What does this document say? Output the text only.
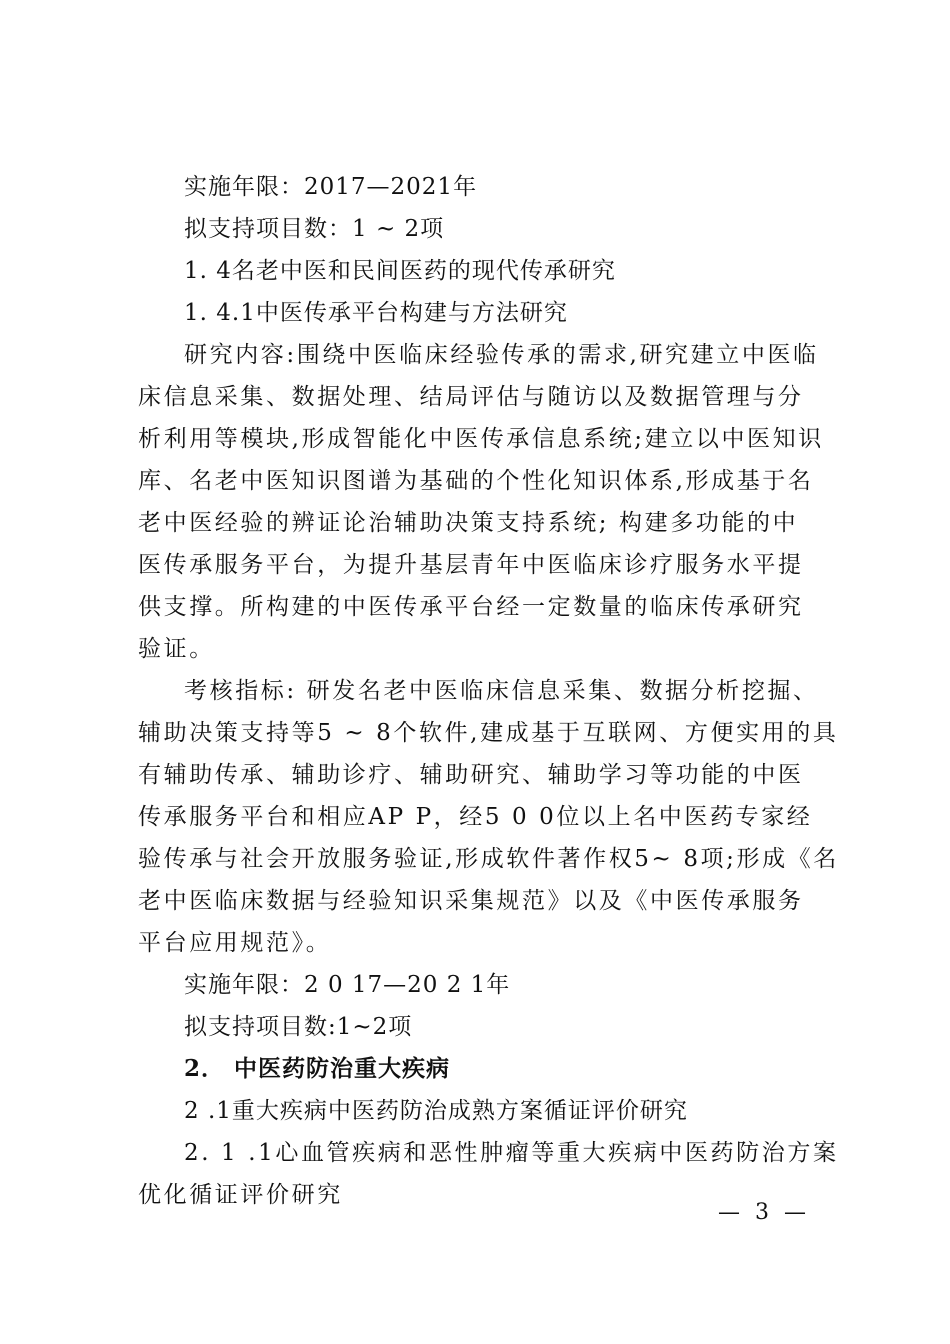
实施年限：2017—2021年
拟支持项目数：1 ~ 2项
1. 4名老中医和民间医药的现代传承研究
1. 4.1中医传承平台构建与方法研究
研究内容:围绕中医临床经验传承的需求,研究建立中医临
床信息采集、数据处理、结局评估与随访以及数据管理与分
析利用等模块,形成智能化中医传承信息系统;建立以中医知识
库、名老中医知识图谱为基础的个性化知识体系,形成基于名
老中医经验的辨证论治辅助决策支持系统; 构建多功能的中
医传承服务平台，为提升基层青年中医临床诊疗服务水平提
供支撑。所构建的中医传承平台经一定数量的临床传承研究
验证。
考核指标: 研发名老中医临床信息采集、数据分析挖掘、
辅助决策支持等5 ~ 8个软件,建成基于互联网、方便实用的具
有辅助传承、辅助诊疗、辅助研究、辅助学习等功能的中医
传承服务平台和相应AP P，经5 0 0位以上名中医药专家经
验传承与社会开放服务验证,形成软件著作权5~ 8项;形成《名
老中医临床数据与经验知识采集规范》以及《中医传承服务
平台应用规范》。
实施年限：2 0 17—20 2 1年
拟支持项目数:1~2项
2． 中医药防治重大疾病
2 .1重大疾病中医药防治成熟方案循证评价研究
2. 1 .1心血管疾病和恶性肿瘤等重大疾病中医药防治方案
优化循证评价研究
— 3 —
